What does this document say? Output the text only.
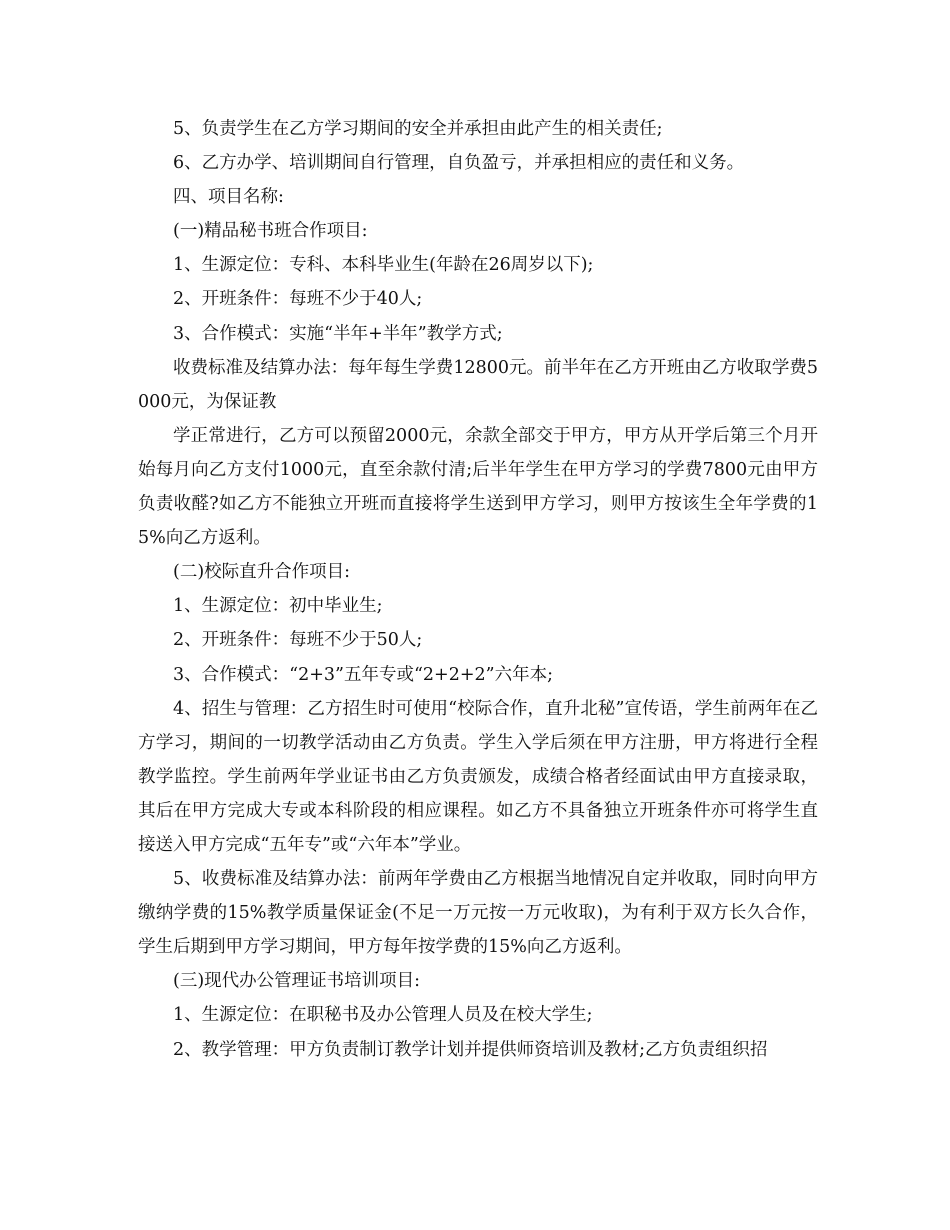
5、负责学生在乙方学习期间的安全并承担由此产生的相关责任;

6、乙方办学、培训期间自行管理，自负盈亏，并承担相应的责任和义务。

四、项目名称:

(一)精品秘书班合作项目:

1、生源定位：专科、本科毕业生(年龄在26周岁以下);

2、开班条件：每班不少于40人;

3、合作模式：实施“半年+半年”教学方式;

收费标准及结算办法：每年每生学费12800元。前半年在乙方开班由乙方收取学费5000元，为保证教

学正常进行，乙方可以预留2000元，余款全部交于甲方，甲方从开学后第三个月开始每月向乙方支付1000元，直至余款付清;后半年学生在甲方学习的学费7800元由甲方负责收醛?如乙方不能独立开班而直接将学生送到甲方学习，则甲方按该生全年学费的15%向乙方返利。

(二)校际直升合作项目:

1、生源定位：初中毕业生;

2、开班条件：每班不少于50人;

3、合作模式：“2+3”五年专或“2+2+2”六年本;

4、招生与管理：乙方招生时可使用“校际合作，直升北秘”宣传语，学生前两年在乙方学习，期间的一切教学活动由乙方负责。学生入学后须在甲方注册，甲方将进行全程教学监控。学生前两年学业证书由乙方负责颁发，成绩合格者经面试由甲方直接录取，其后在甲方完成大专或本科阶段的相应课程。如乙方不具备独立开班条件亦可将学生直接送入甲方完成“五年专”或“六年本”学业。

5、收费标准及结算办法：前两年学费由乙方根据当地情况自定并收取，同时向甲方缴纳学费的15%教学质量保证金(不足一万元按一万元收取)，为有利于双方长久合作，学生后期到甲方学习期间，甲方每年按学费的15%向乙方返利。

(三)现代办公管理证书培训项目:

1、生源定位：在职秘书及办公管理人员及在校大学生;

2、教学管理：甲方负责制订教学计划并提供师资培训及教材;乙方负责组织招
